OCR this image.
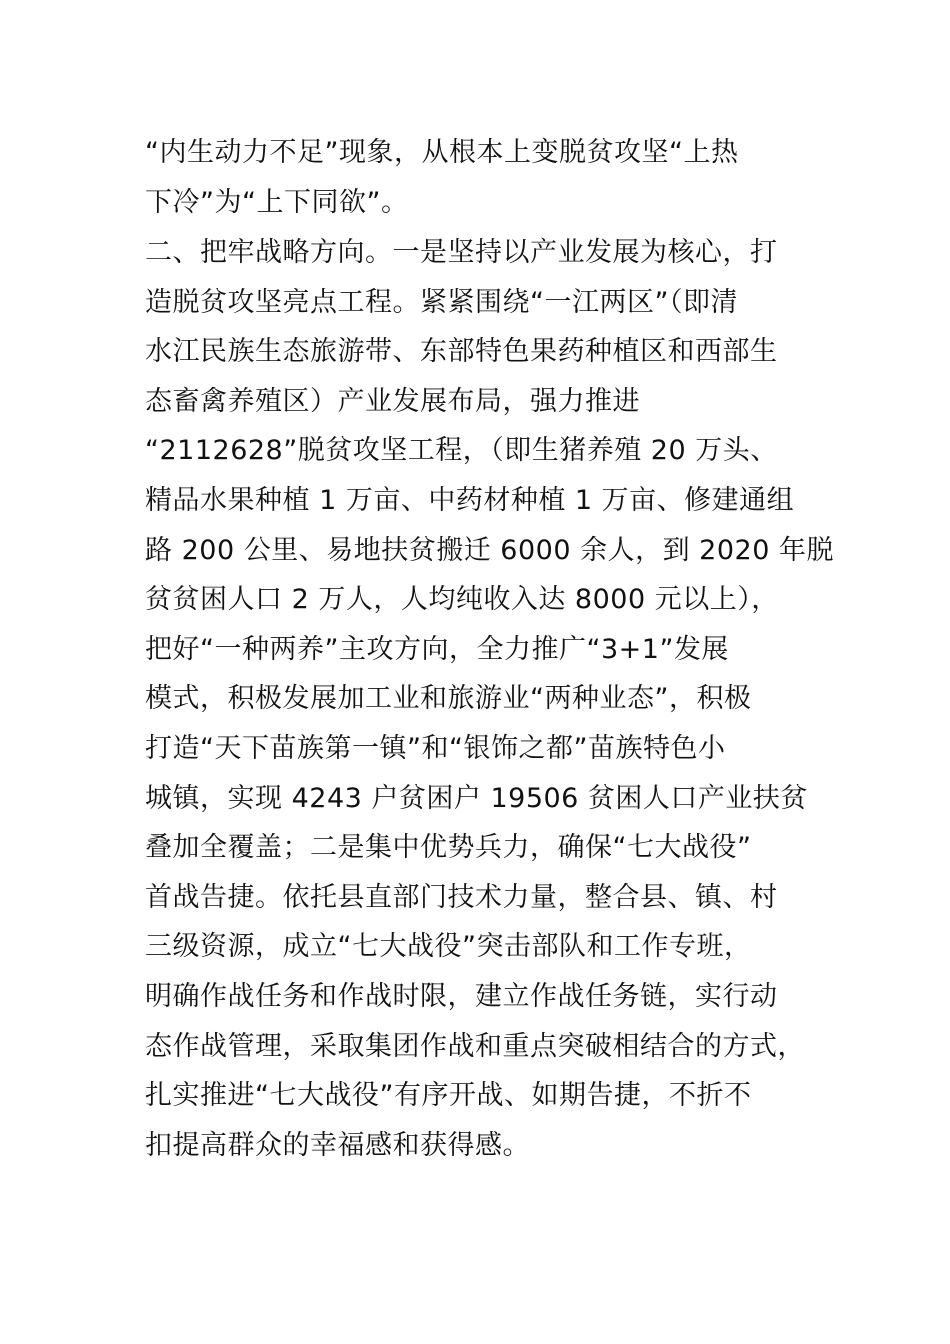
“内生动力不足”现象，从根本上变脱贫攻坚“上热
下冷”为“上下同欲”。
二、把牢战略方向。一是坚持以产业发展为核心，打
造脱贫攻坚亮点工程。紧紧围绕“一江两区”（即清
水江民族生态旅游带、东部特色果药种植区和西部生
态畜禽养殖区）产业发展布局，强力推进
“2112628”脱贫攻坚工程，（即生猪养殖 20 万头、
精品水果种植 1 万亩、中药材种植 1 万亩、修建通组
路 200 公里、易地扶贫搬迁 6000 余人，到 2020 年脱
贫贫困人口 2 万人，人均纯收入达 8000 元以上），
把好“一种两养”主攻方向，全力推广“3+1”发展
模式，积极发展加工业和旅游业“两种业态”，积极
打造“天下苗族第一镇”和“银饰之都”苗族特色小
城镇，实现 4243 户贫困户 19506 贫困人口产业扶贫
叠加全覆盖；二是集中优势兵力，确保“七大战役”
首战告捷。依托县直部门技术力量，整合县、镇、村
三级资源，成立“七大战役”突击部队和工作专班，
明确作战任务和作战时限，建立作战任务链，实行动
态作战管理，采取集团作战和重点突破相结合的方式，
扎实推进“七大战役”有序开战、如期告捷，不折不
扣提高群众的幸福感和获得感。
